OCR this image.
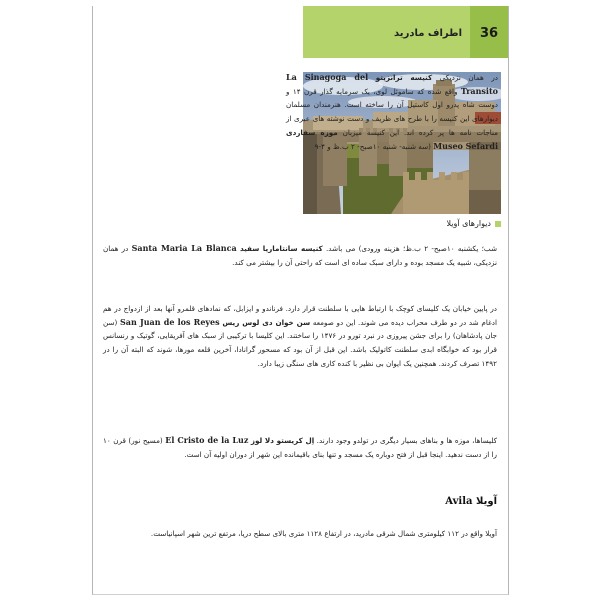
اطراف مادرید	36
دیوارهای آویلا
در همان نزدیکی کنیسه ترانزیتو La Sinagoga del Transito واقع شده که ساموئل لوی، یک سرمایه گذار قرن ۱۴ و دوست شاه پدرو اول کاستیل آن را ساخته است. هنرمندان مسلمان دیوارهای این کنیسه را با طرح های ظریف و دست نوشته های عبری از مناجات نامه ها پر کرده اند. این کنیسه میزبان موزه سفاردی Museo Sefardi (سه شنبه- شنبه ۱۰صبح- ۲ ب.ظ و ۴-۹
شب؛ یکشنبه ۱۰صبح- ۲ ب.ظ؛ هزینه ورودی) می باشد. کنیسه سانتاماریا سفید Santa Maria La Blanca در همان نزدیکی، شبیه یک مسجد بوده و دارای سبک ساده ای است که راحتی آن را بیشتر می کند.
در پایین خیابان یک کلیسای کوچک با ارتباط هایی با سلطنت قرار دارد. فرناندو و ایزابل، که نمادهای قلمرو آنها بعد از ازدواج در هم ادغام شد در دو طرف محراب دیده می شوند. این دو صومعه سن خوان دی لوس ریس San Juan de los Reyes (سن جان پادشاهان) را برای جشن پیروزی در نبرد تورو در ۱۴۷۶ را ساختند. این کلیسا با ترکیبی از سبک های آفریقایی، گوتیک و رنسانس قرار بود که خوابگاه ابدی سلطنت کاتولیک باشد. این قبل از آن بود که مسحور گرانادا، آخرین قلعه مورها، شوند که البته آن را در ۱۴۹۲ تصرف کردند. همچنین یک ایوان بی نظیر با کنده کاری های سنگی زیبا دارد.
کلیساها، موزه ها و بناهای بسیار دیگری در تولدو وجود دارند. اِل کریستو دلا لوز El Cristo de la Luz (مسیح نور) قرن ۱۰ را از دست ندهید. اینجا قبل از فتح دوباره یک مسجد و تنها بنای باقیمانده این شهر از دوران اولیه آن است.
آویلا Avila
آویلا واقع در ۱۱۲ کیلومتری شمال شرقی مادرید، در ارتفاع ۱۱۲۸ متری بالای سطح دریا، مرتفع ترین شهر اسپانیاست.
